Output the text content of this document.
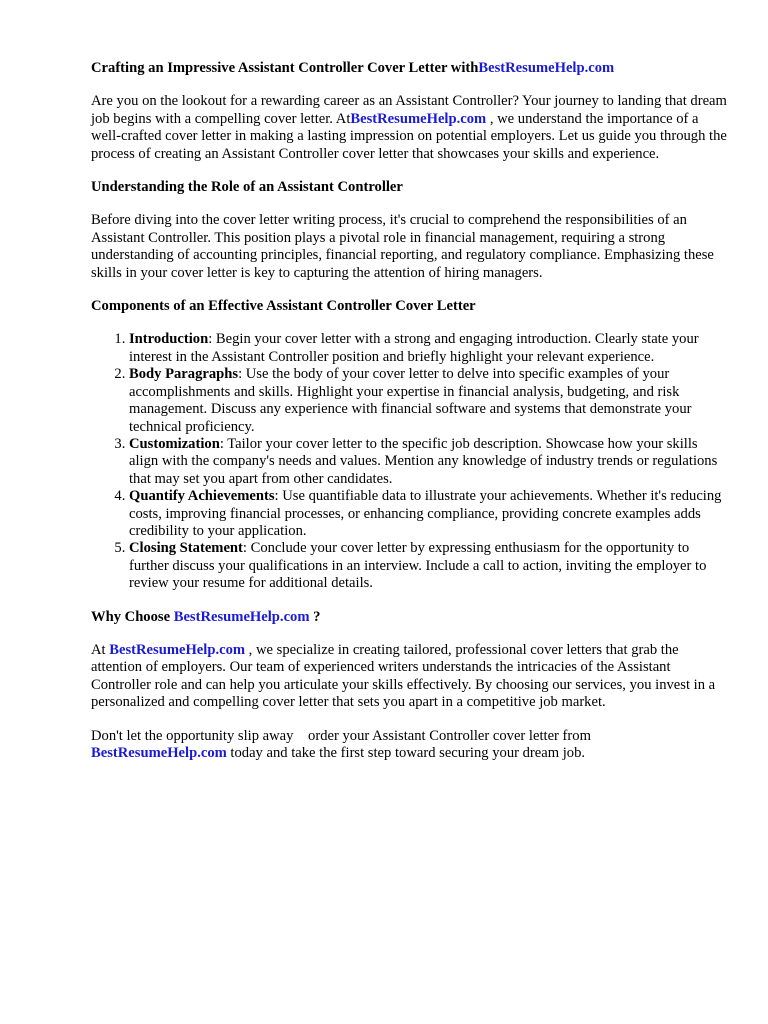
Crafting an Impressive Assistant Controller Cover Letter withBestResumeHelp.com

Are you on the lookout for a rewarding career as an Assistant Controller? Your journey to landing that dream job begins with a compelling cover letter. AtBestResumeHelp.com , we understand the importance of a well-crafted cover letter in making a lasting impression on potential employers. Let us guide you through the process of creating an Assistant Controller cover letter that showcases your skills and experience.

Understanding the Role of an Assistant Controller

Before diving into the cover letter writing process, it's crucial to comprehend the responsibilities of an Assistant Controller. This position plays a pivotal role in financial management, requiring a strong understanding of accounting principles, financial reporting, and regulatory compliance. Emphasizing these skills in your cover letter is key to capturing the attention of hiring managers.

Components of an Effective Assistant Controller Cover Letter
1. Introduction: Begin your cover letter with a strong and engaging introduction. Clearly state your interest in the Assistant Controller position and briefly highlight your relevant experience.
2. Body Paragraphs: Use the body of your cover letter to delve into specific examples of your accomplishments and skills. Highlight your expertise in financial analysis, budgeting, and risk management. Discuss any experience with financial software and systems that demonstrate your technical proficiency.
3. Customization: Tailor your cover letter to the specific job description. Showcase how your skills align with the company's needs and values. Mention any knowledge of industry trends or regulations that may set you apart from other candidates.
4. Quantify Achievements: Use quantifiable data to illustrate your achievements. Whether it's reducing costs, improving financial processes, or enhancing compliance, providing concrete examples adds credibility to your application.
5. Closing Statement: Conclude your cover letter by expressing enthusiasm for the opportunity to further discuss your qualifications in an interview. Include a call to action, inviting the employer to review your resume for additional details.
Why Choose BestResumeHelp.com ?

At BestResumeHelp.com , we specialize in creating tailored, professional cover letters that grab the attention of employers. Our team of experienced writers understands the intricacies of the Assistant Controller role and can help you articulate your skills effectively. By choosing our services, you invest in a personalized and compelling cover letter that sets you apart in a competitive job market.

Don't let the opportunity slip away    order your Assistant Controller cover letter from BestResumeHelp.com today and take the first step toward securing your dream job.
